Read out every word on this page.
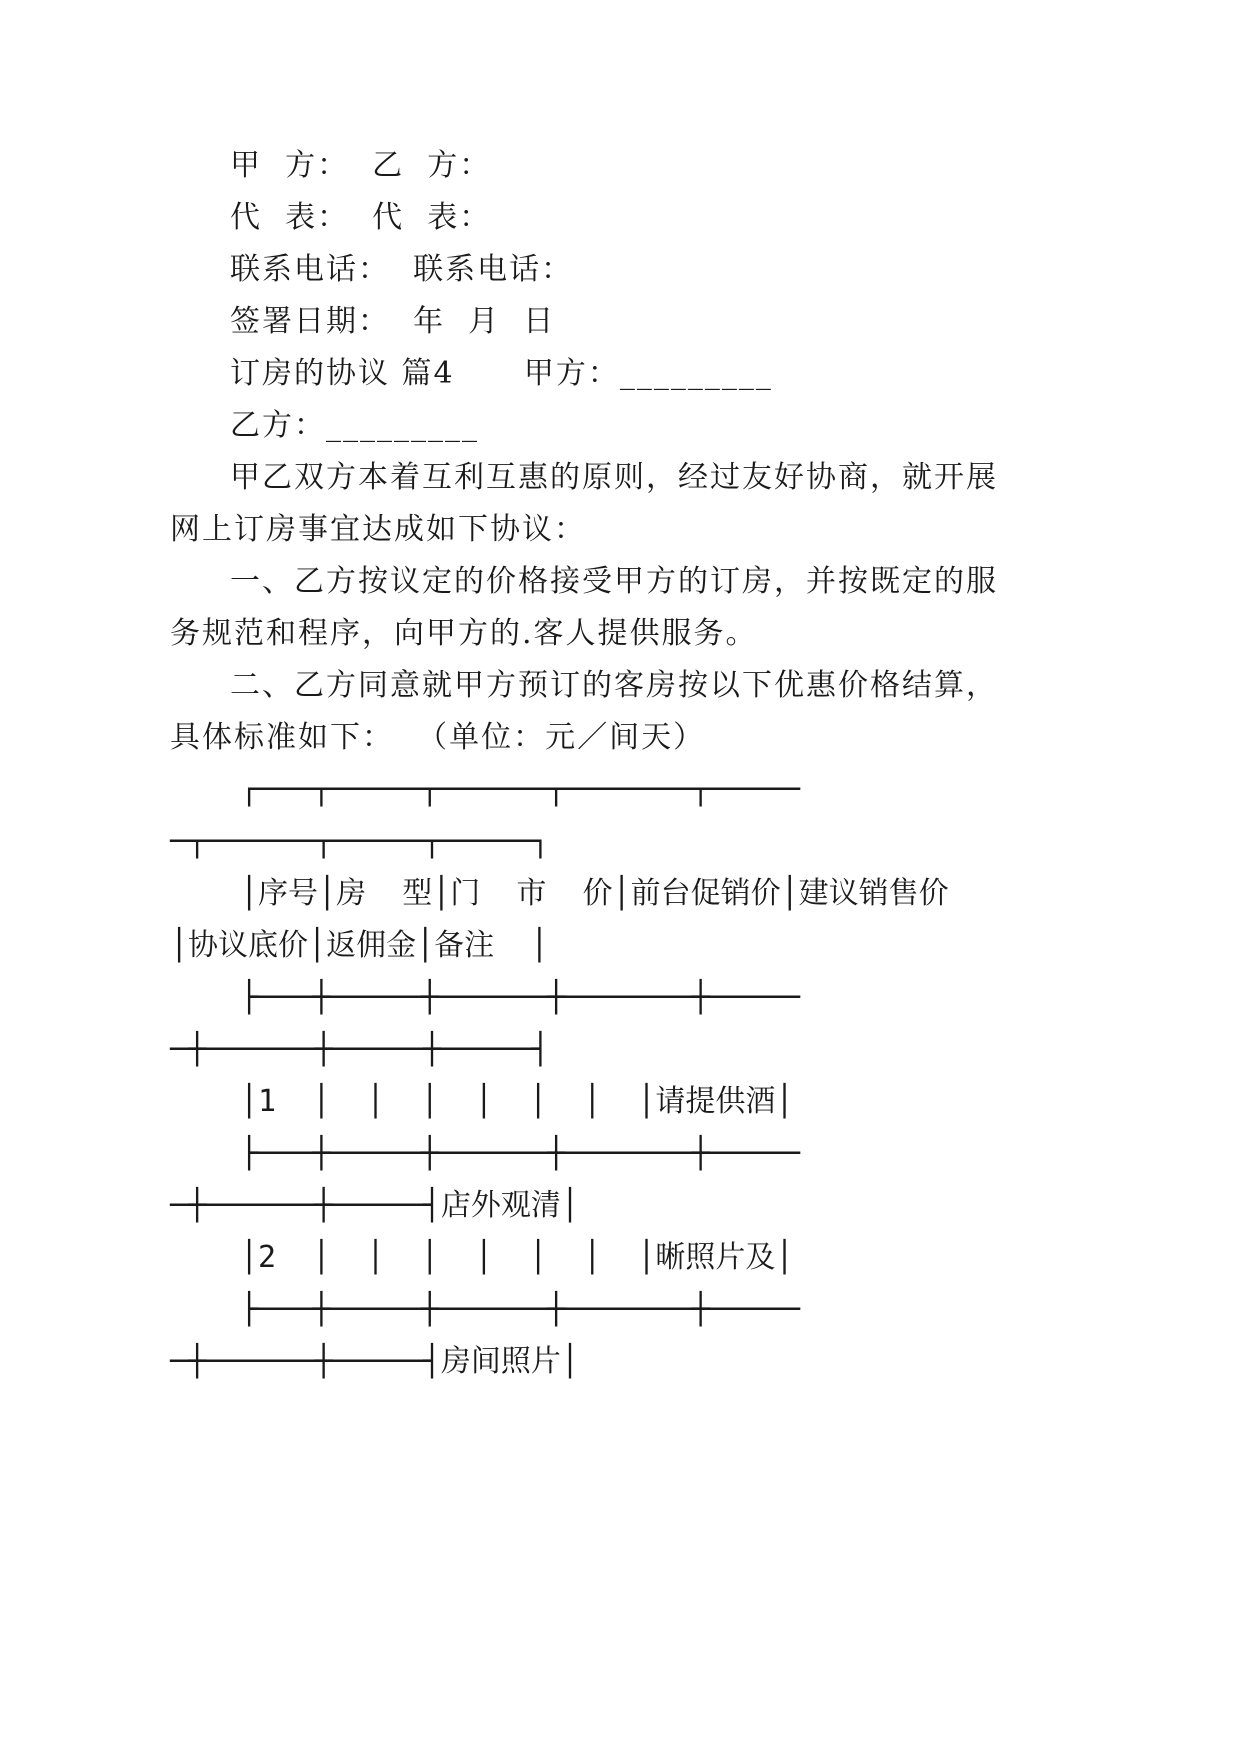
甲  方：  乙  方：
代  表：  代  表：
联系电话：  联系电话：
签署日期：  年  月  日
订房的协议 篇4      甲方：_________
乙方：_________
甲乙双方本着互利互惠的原则，经过友好协商，就开展
网上订房事宜达成如下协议：
一、乙方按议定的价格接受甲方的订房，并按既定的服
务规范和程序，向甲方的.客人提供服务。
二、乙方同意就甲方预订的客房按以下优惠价格结算，
具体标准如下：  （单位：元／间天）
┌───┬─────┬──────┬───────┬─────
─┬──────┬─────┬─────┐
│序号│房  型│门  市  价│前台促销价│建议销售价
│协议底价│返佣金│备注  │
├───┼─────┼──────┼───────┼─────
─┼──────┼─────┼─────┤
│1  │  │  │  │  │  │  │请提供酒│
├───┼─────┼──────┼───────┼─────
─┼──────┼─────┤店外观清│
│2  │  │  │  │  │  │  │晰照片及│
├───┼─────┼──────┼───────┼─────
─┼──────┼─────┤房间照片│
